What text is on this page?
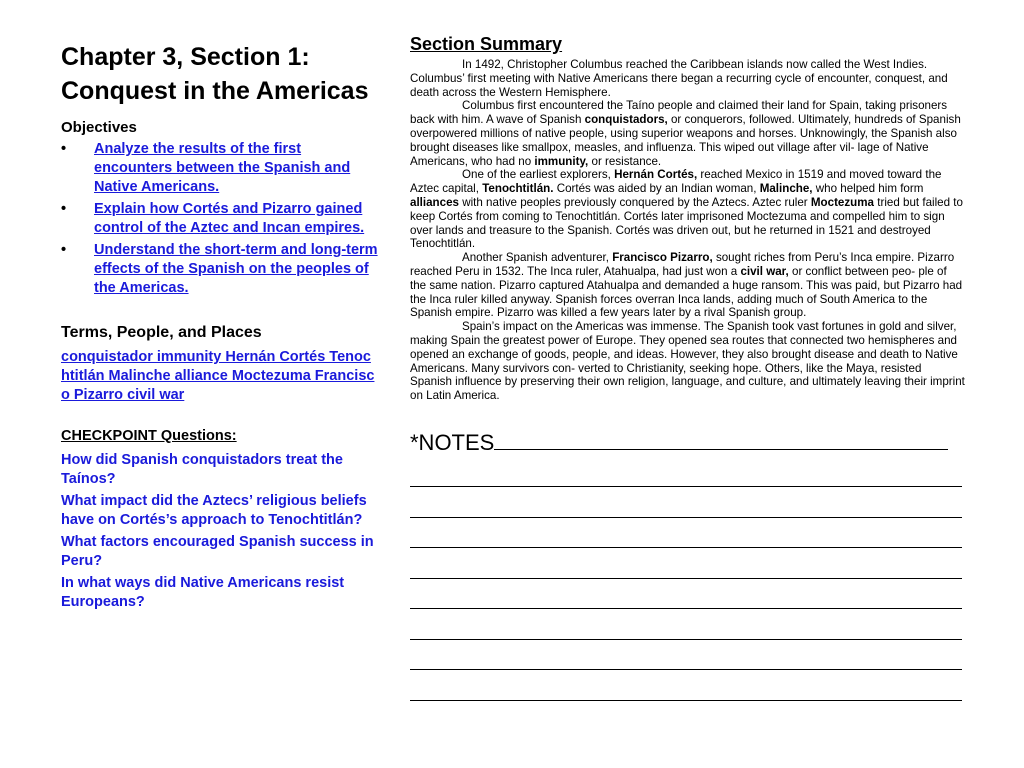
Chapter 3, Section 1:
Conquest in the Americas
Objectives
• Analyze the results of the first encounters between the Spanish and Native Americans.
• Explain how Cortés and Pizarro gained control of the Aztec and Incan empires.
• Understand the short-term and long-term effects of the Spanish on the peoples of the Americas.
Terms, People, and Places
conquistador immunity Hernán Cortés Tenochtitlán Malinche alliance Moctezuma Francisco Pizarro civil war
CHECKPOINT Questions:
How did Spanish conquistadors treat the Taínos?
What impact did the Aztecs’ religious beliefs have on Cortés’s approach to Tenochtitlán?
What factors encouraged Spanish success in Peru?
In what ways did Native Americans resist Europeans?
Section Summary

In 1492, Christopher Columbus reached the Caribbean islands now called the West Indies. Columbus’ first meeting with Native Americans there began a recurring cycle of encounter, conquest, and death across the Western Hemisphere.

Columbus first encountered the Taíno people and claimed their land for Spain, taking prisoners back with him. A wave of Spanish conquistadors, or conquerors, followed. Ultimately, hundreds of Spanish overpowered millions of native people, using superior weapons and horses. Unknowingly, the Spanish also brought diseases like smallpox, measles, and influenza. This wiped out village after vil- lage of Native Americans, who had no immunity, or resistance.

One of the earliest explorers, Hernán Cortés, reached Mexico in 1519 and moved toward the Aztec capital, Tenochtitlán. Cortés was aided by an Indian woman, Malinche, who helped him form alliances with native peoples previously conquered by the Aztecs. Aztec ruler Moctezuma tried but failed to keep Cortés from coming to Tenochtitlán. Cortés later imprisoned Moctezuma and compelled him to sign over lands and treasure to the Spanish. Cortés was driven out, but he returned in 1521 and destroyed Tenochtitlán.

Another Spanish adventurer, Francisco Pizarro, sought riches from Peru’s Inca empire. Pizarro reached Peru in 1532. The Inca ruler, Atahualpa, had just won a civil war, or conflict between peo- ple of the same nation. Pizarro captured Atahualpa and demanded a huge ransom. This was paid, but Pizarro had the Inca ruler killed anyway. Spanish forces overran Inca lands, adding much of South America to the Spanish empire. Pizarro was killed a few years later by a rival Spanish group.

Spain’s impact on the Americas was immense. The Spanish took vast fortunes in gold and silver, making Spain the greatest power of Europe. They opened sea routes that connected two hemispheres and opened an exchange of goods, people, and ideas. However, they also brought disease and death to Native Americans. Many survivors con- verted to Christianity, seeking hope. Others, like the Maya, resisted Spanish influence by preserving their own religion, language, and culture, and ultimately leaving their imprint on Latin America.

*NOTES
